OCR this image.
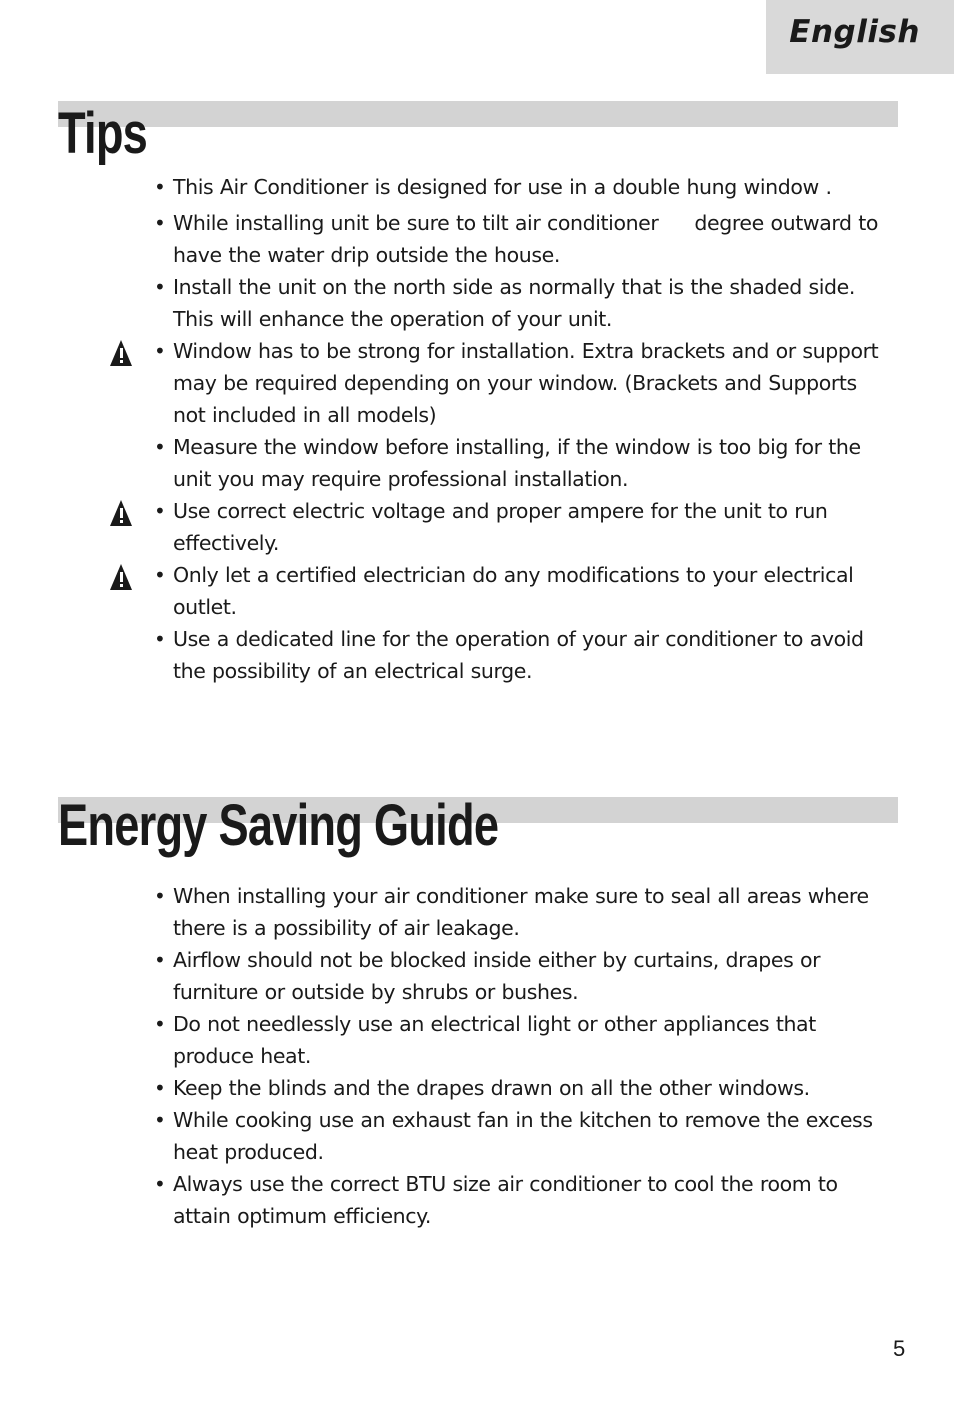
English
Tips
• This Air Conditioner is designed for use in a double hung window .
• While installing unit be sure to tilt air conditioner degree outward to have the water drip outside the house.
• Install the unit on the north side as normally that is the shaded side. This will enhance the operation of your unit.
• Window has to be strong for installation. Extra brackets and or support may be required depending on your window. (Brackets and Supports not included in all models)
• Measure the window before installing, if the window is too big for the unit you may require professional installation.
• Use correct electric voltage and proper ampere for the unit to run effectively.
• Only let a certified electrician do any modifications to your electrical outlet.
• Use a dedicated line for the operation of your air conditioner to avoid the possibility of an electrical surge.
Energy Saving Guide
• When installing your air conditioner make sure to seal all areas where there is a possibility of air leakage.
• Airflow should not be blocked inside either by curtains, drapes or furniture or outside by shrubs or bushes.
• Do not needlessly use an electrical light or other appliances that produce heat.
• Keep the blinds and the drapes drawn on all the other windows.
• While cooking use an exhaust fan in the kitchen to remove the excess heat produced.
• Always use the correct BTU size air conditioner to cool the room to attain optimum efficiency.
5
